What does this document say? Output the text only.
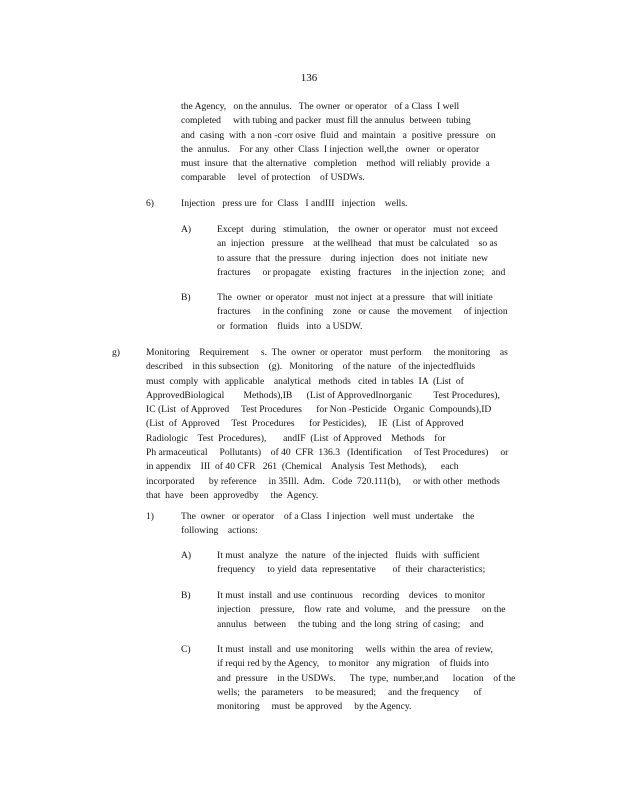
136
the Agency,   on the annulus.   The owner  or operator   of a Class  I well
completed     with tubing and packer  must fill the annulus  between  tubing
and  casing  with  a non -corr osive  fluid  and  maintain   a  positive  pressure   on
the  annulus.    For any  other  Class  I injection  well,the   owner   or operator
must  insure  that  the alternative   completion    method  will reliably  provide  a
comparable     level  of protection    of USDWs.
6)	Injection   press ure  for  Class   I andIII   injection    wells.
A)	Except   during   stimulation,    the  owner  or operator   must  not exceed
an  injection   pressure    at the wellhead   that must  be calculated    so as
to assure  that  the pressure    during  injection   does  not  initiate  new
fractures     or propagate    existing   fractures    in the injection  zone;   and
B)	The  owner  or operator   must not inject  at a pressure   that will initiate
fractures     in the confining    zone   or cause   the movement     of injection
or  formation    fluids   into  a USDW.
g)	Monitoring    Requirement     s.  The  owner  or operator   must perform     the monitoring    as
described    in this subsection    (g).   Monitoring    of the nature   of the injectedfluids
must  comply  with  applicable    analytical   methods   cited  in tables  IA  (List  of
ApprovedBiological        Methods),IB      (List of ApprovedInorganic         Test Procedures),
IC (List  of Approved     Test Procedures      for Non -Pesticide   Organic  Compounds),ID
(List  of  Approved     Test  Procedures      for Pesticides),     IE  (List  of Approved
Radiologic    Test  Procedures),       andIF  (List  of Approved    Methods    for
Ph armaceutical     Pollutants)    of 40  CFR  136.3   (Identification     of Test Procedures)     or
in appendix    III  of 40 CFR   261  (Chemical    Analysis  Test Methods),      each
incorporated      by reference     in 35Ill.  Adm.   Code  720.111(b),     or with other  methods
that  have   been  approvedby     the  Agency.
1)	The  owner   or operator    of a Class  I injection   well must  undertake    the
following    actions:
A)	It must  analyze   the  nature   of the injected   fluids  with  sufficient
frequency     to yield  data  representative       of  their  characteristics;
B)	It must  install  and use  continuous    recording    devices   to monitor
injection    pressure,    flow  rate  and  volume,    and  the pressure     on the
annulus   between     the tubing  and  the long  string  of casing;    and
C)	It must  install  and  use monitoring     wells  within  the area  of review,
if requi red by the Agency,    to monitor   any migration    of fluids into
and  pressure    in the USDWs.      The  type,  number,and      location    of the
wells;  the  parameters     to be measured;     and  the frequency      of
monitoring     must  be approved     by the Agency.
